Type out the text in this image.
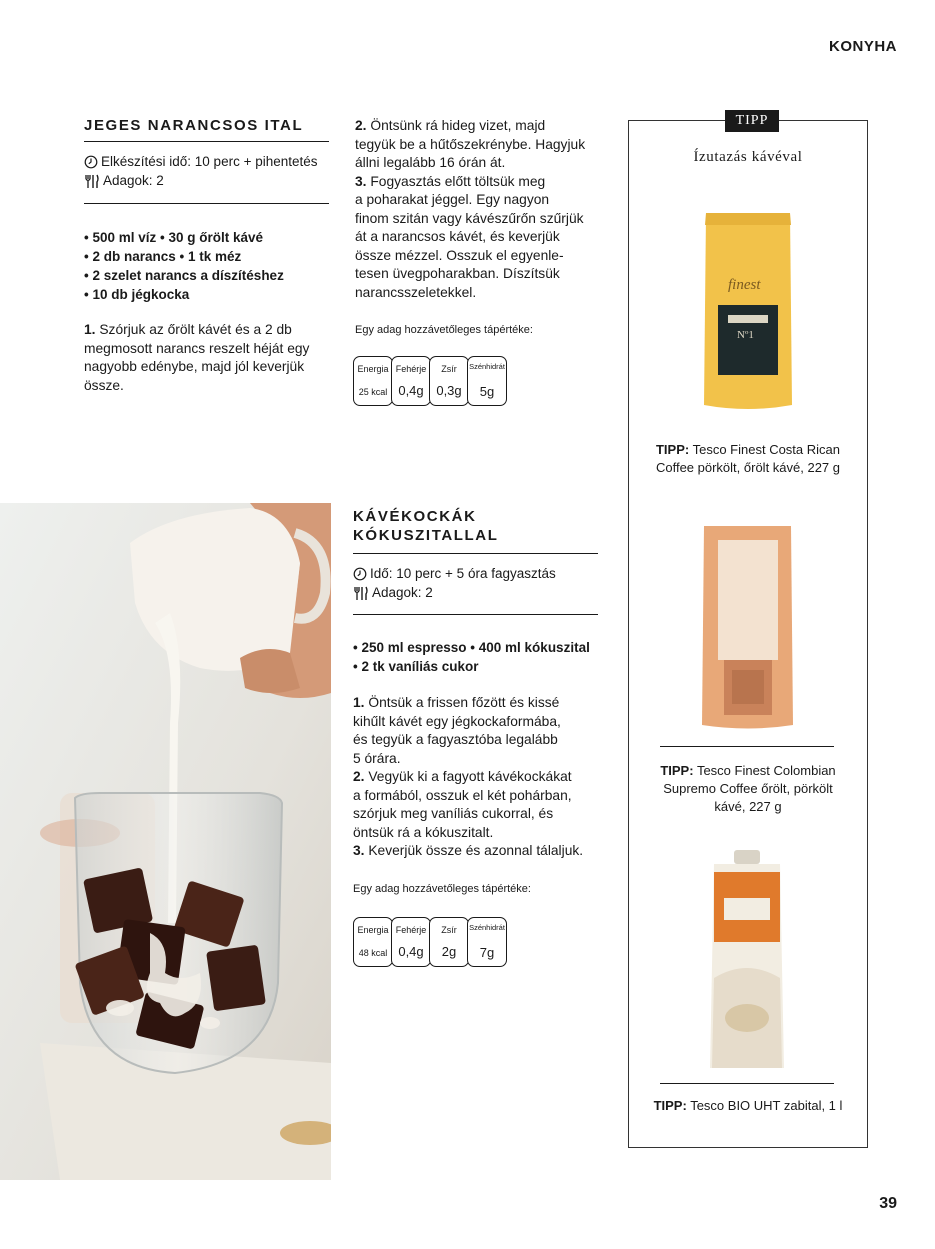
KONYHA
JEGES NARANCSOS ITAL
Elkészítési idő: 10 perc + pihentetés
Adagok: 2
• 500 ml víz • 30 g őrölt kávé
• 2 db narancs • 1 tk méz
• 2 szelet narancs a díszítéshez
• 10 db jégkocka
1. Szórjuk az őrölt kávét és a 2 db
megmosott narancs reszelt héját egy
nagyobb edénybe, majd jól keverjük
össze.
2. Öntsünk rá hideg vizet, majd
tegyük be a hűtőszekrénybe. Hagyjuk
állni legalább 16 órán át.
3. Fogyasztás előtt töltsük meg
a poharakat jéggel. Egy nagyon
finom szitán vagy kávészűrőn szűrjük
át a narancsos kávét, és keverjük
össze mézzel. Osszuk el egyenle-
tesen üvegpoharakban. Díszítsük
narancsszeletekkel.
Egy adag hozzávetőleges tápértéke:
Energia
25 kcal
Fehérje
0,4g
Zsír
0,3g
Szénhidrát
5g
KÁVÉKOCKÁK
KÓKUSZITALLAL
Idő: 10 perc + 5 óra fagyasztás
Adagok: 2
• 250 ml espresso • 400 ml kókuszital
• 2 tk vaníliás cukor
1. Öntsük a frissen főzött és kissé
kihűlt kávét egy jégkockaformába,
és tegyük a fagyasztóba legalább
5 órára.
2. Vegyük ki a fagyott kávékockákat
a formából, osszuk el két pohárban,
szórjuk meg vaníliás cukorral, és
öntsük rá a kókuszitalt.
3. Keverjük össze és azonnal tálaljuk.
Egy adag hozzávetőleges tápértéke:
Energia
48 kcal
Fehérje
0,4g
Zsír
2g
Szénhidrát
7g
TIPP
Ízutazás kávéval
finest
Nº1
TIPP: Tesco Finest Costa Rican
Coffee pörkölt, őrölt kávé, 227 g
TIPP: Tesco Finest Colombian
Supremo Coffee őrölt, pörkölt
kávé, 227 g
TIPP: Tesco BIO UHT zabital, 1 l
39
